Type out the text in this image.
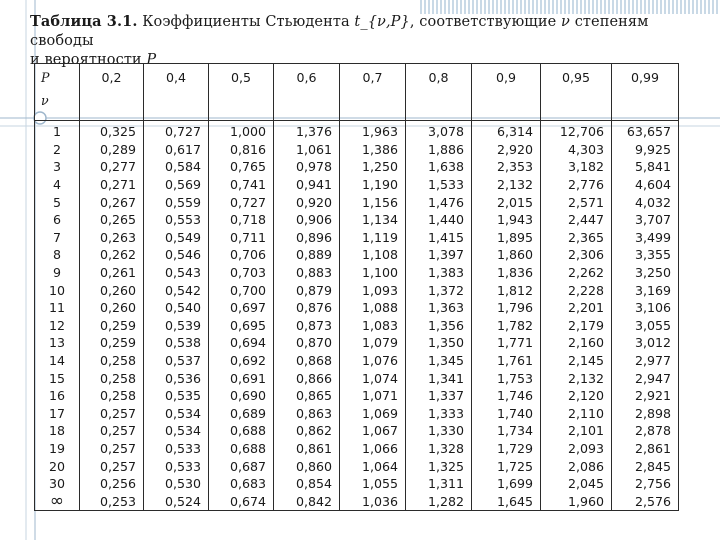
Таблица 3.1. Коэффициенты Стьюдента t_{ν,P}, соответствующие ν степеням свободы
и вероятности P
P
ν	0,2	0,4	0,5	0,6	0,7	0,8	0,9	0,95	0,99
1	0,325	0,727	1,000	1,376	1,963	3,078	6,314	12,706	63,657
2	0,289	0,617	0,816	1,061	1,386	1,886	2,920	4,303	9,925
3	0,277	0,584	0,765	0,978	1,250	1,638	2,353	3,182	5,841
4	0,271	0,569	0,741	0,941	1,190	1,533	2,132	2,776	4,604
5	0,267	0,559	0,727	0,920	1,156	1,476	2,015	2,571	4,032
6	0,265	0,553	0,718	0,906	1,134	1,440	1,943	2,447	3,707
7	0,263	0,549	0,711	0,896	1,119	1,415	1,895	2,365	3,499
8	0,262	0,546	0,706	0,889	1,108	1,397	1,860	2,306	3,355
9	0,261	0,543	0,703	0,883	1,100	1,383	1,836	2,262	3,250
10	0,260	0,542	0,700	0,879	1,093	1,372	1,812	2,228	3,169
11	0,260	0,540	0,697	0,876	1,088	1,363	1,796	2,201	3,106
12	0,259	0,539	0,695	0,873	1,083	1,356	1,782	2,179	3,055
13	0,259	0,538	0,694	0,870	1,079	1,350	1,771	2,160	3,012
14	0,258	0,537	0,692	0,868	1,076	1,345	1,761	2,145	2,977
15	0,258	0,536	0,691	0,866	1,074	1,341	1,753	2,132	2,947
16	0,258	0,535	0,690	0,865	1,071	1,337	1,746	2,120	2,921
17	0,257	0,534	0,689	0,863	1,069	1,333	1,740	2,110	2,898
18	0,257	0,534	0,688	0,862	1,067	1,330	1,734	2,101	2,878
19	0,257	0,533	0,688	0,861	1,066	1,328	1,729	2,093	2,861
20	0,257	0,533	0,687	0,860	1,064	1,325	1,725	2,086	2,845
30	0,256	0,530	0,683	0,854	1,055	1,311	1,699	2,045	2,756
∞	0,253	0,524	0,674	0,842	1,036	1,282	1,645	1,960	2,576
